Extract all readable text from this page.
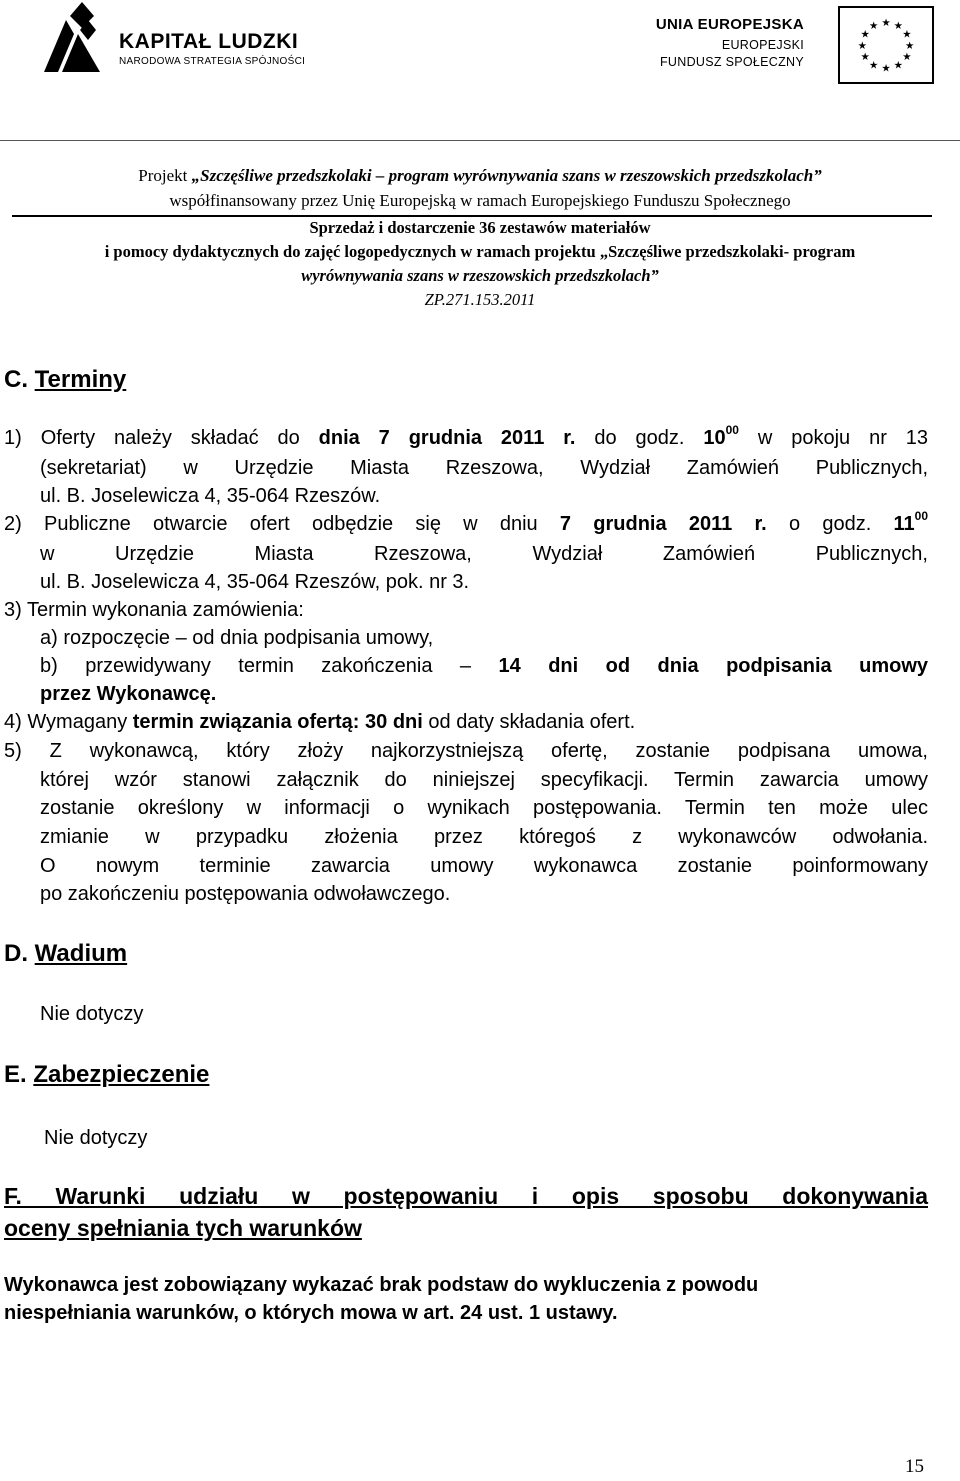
KAPITAŁ LUDZKI
NARODOWA STRATEGIA SPÓJNOŚCI
UNIA EUROPEJSKA
EUROPEJSKI
FUNDUSZ SPOŁECZNY
★ ★
★
★
★
★
★
★
★
★
★
★
Projekt „Szczęśliwe przedszkolaki – program wyrównywania szans w rzeszowskich przedszkolach”
współfinansowany przez Unię Europejską w ramach Europejskiego Funduszu Społecznego
Sprzedaż i dostarczenie 36 zestawów materiałów
i pomocy dydaktycznych do zajęć logopedycznych w ramach projektu „Szczęśliwe przedszkolaki- program
wyrównywania szans w rzeszowskich przedszkolach”
ZP.271.153.2011
C. Terminy
1) Oferty należy składać do dnia 7 grudnia 2011 r. do godz. $10^{00}$ w pokoju nr 13
(sekretariat) w Urzędzie Miasta Rzeszowa, Wydział Zamówień Publicznych,
ul. B. Joselewicza 4, 35-064 Rzeszów.
2) Publiczne otwarcie ofert odbędzie się w dniu 7 grudnia 2011 r. o godz. $11^{00}$
w Urzędzie Miasta Rzeszowa, Wydział Zamówień Publicznych,
ul. B. Joselewicza 4, 35-064 Rzeszów, pok. nr 3.
3) Termin wykonania zamówienia:
a) rozpoczęcie – od dnia podpisania umowy,
b) przewidywany termin zakończenia – 14 dni od dnia podpisania umowy
przez Wykonawcę.
4) Wymagany termin związania ofertą: 30 dni od daty składania ofert.
5) Z wykonawcą, który złoży najkorzystniejszą ofertę, zostanie podpisana umowa,
której wzór stanowi załącznik do niniejszej specyfikacji. Termin zawarcia umowy
zostanie określony w informacji o wynikach postępowania. Termin ten może ulec
zmianie w przypadku złożenia przez któregoś z wykonawców odwołania.
O nowym terminie zawarcia umowy wykonawca zostanie poinformowany
po zakończeniu postępowania odwoławczego.
D. Wadium
Nie dotyczy
E. Zabezpieczenie
Nie dotyczy
F. Warunki udziału w postępowaniu i opis sposobu dokonywania
oceny spełniania tych warunków
Wykonawca jest zobowiązany wykazać brak podstaw do wykluczenia z powodu
niespełniania warunków, o których mowa w art. 24 ust. 1 ustawy.
15
